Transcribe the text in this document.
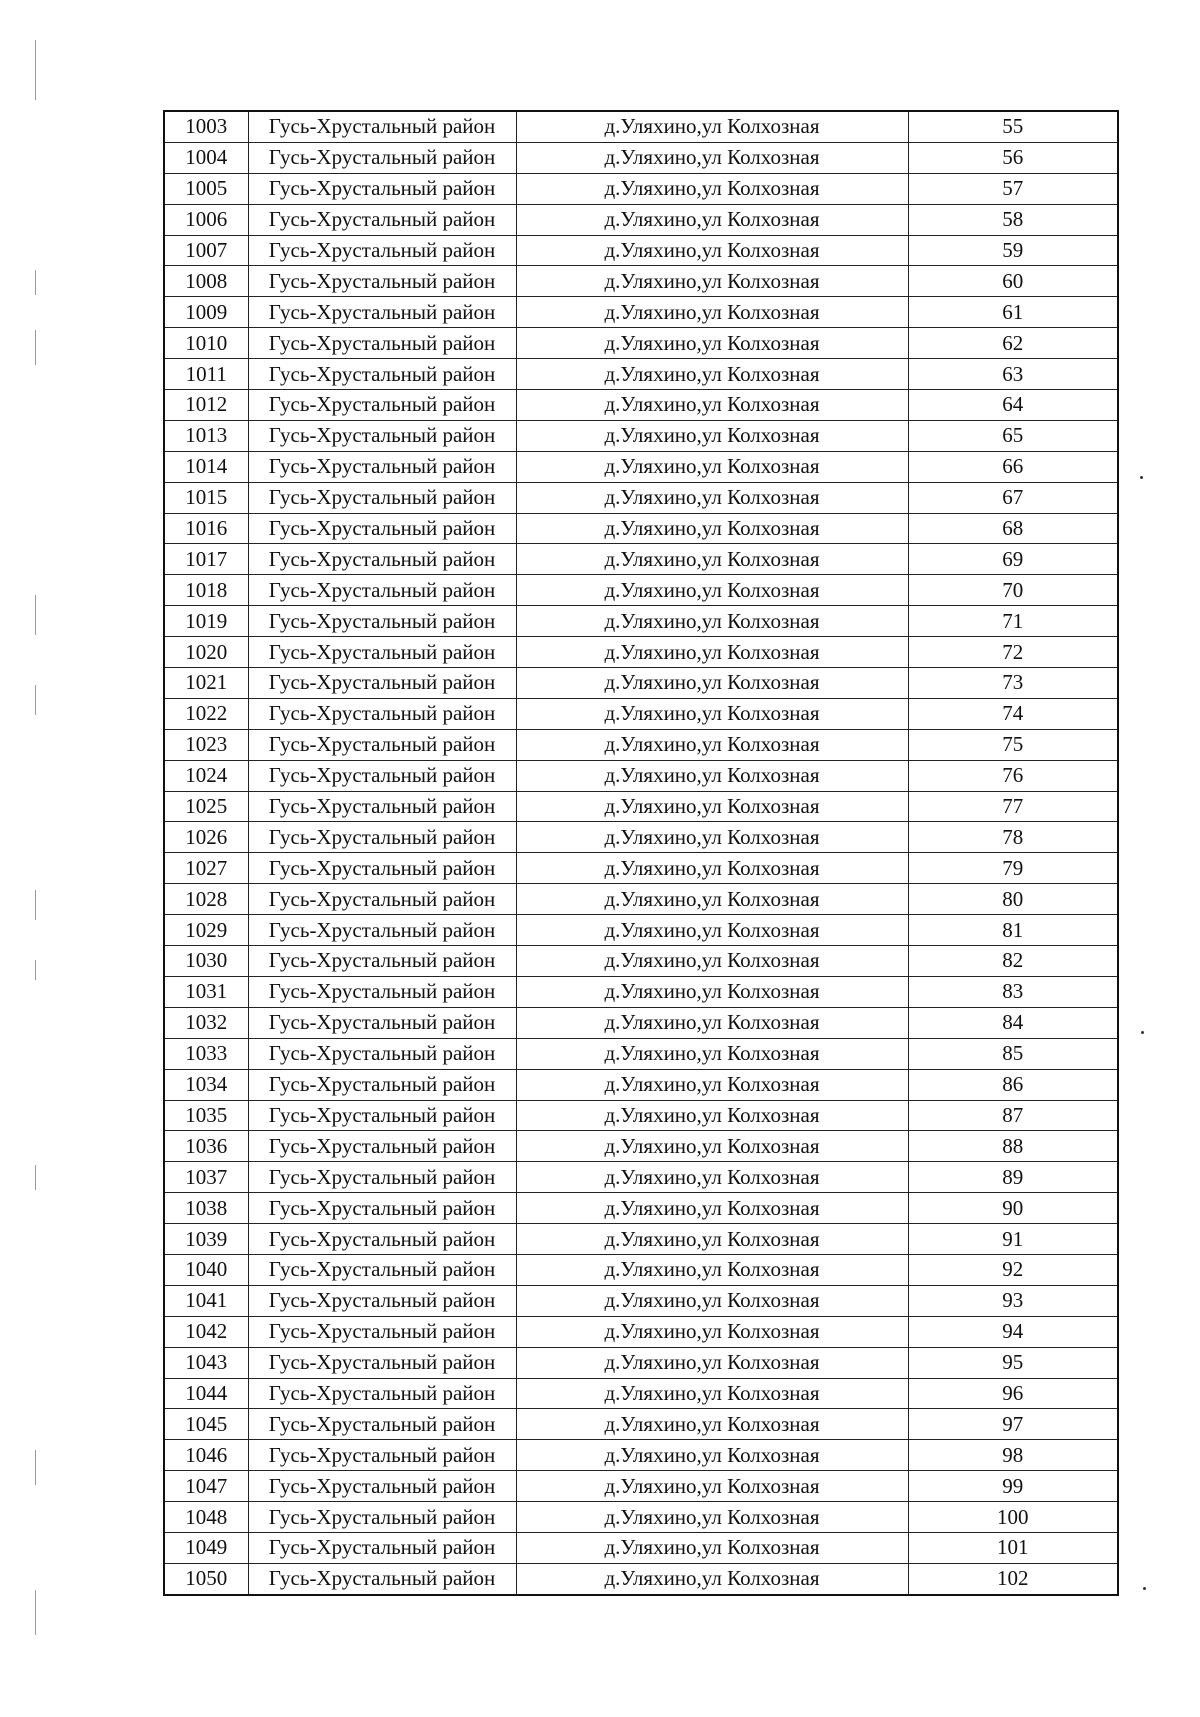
1003	Гусь-Хрустальный район	д.Уляхино,ул Колхозная	55
1004	Гусь-Хрустальный район	д.Уляхино,ул Колхозная	56
1005	Гусь-Хрустальный район	д.Уляхино,ул Колхозная	57
1006	Гусь-Хрустальный район	д.Уляхино,ул Колхозная	58
1007	Гусь-Хрустальный район	д.Уляхино,ул Колхозная	59
1008	Гусь-Хрустальный район	д.Уляхино,ул Колхозная	60
1009	Гусь-Хрустальный район	д.Уляхино,ул Колхозная	61
1010	Гусь-Хрустальный район	д.Уляхино,ул Колхозная	62
1011	Гусь-Хрустальный район	д.Уляхино,ул Колхозная	63
1012	Гусь-Хрустальный район	д.Уляхино,ул Колхозная	64
1013	Гусь-Хрустальный район	д.Уляхино,ул Колхозная	65
1014	Гусь-Хрустальный район	д.Уляхино,ул Колхозная	66
1015	Гусь-Хрустальный район	д.Уляхино,ул Колхозная	67
1016	Гусь-Хрустальный район	д.Уляхино,ул Колхозная	68
1017	Гусь-Хрустальный район	д.Уляхино,ул Колхозная	69
1018	Гусь-Хрустальный район	д.Уляхино,ул Колхозная	70
1019	Гусь-Хрустальный район	д.Уляхино,ул Колхозная	71
1020	Гусь-Хрустальный район	д.Уляхино,ул Колхозная	72
1021	Гусь-Хрустальный район	д.Уляхино,ул Колхозная	73
1022	Гусь-Хрустальный район	д.Уляхино,ул Колхозная	74
1023	Гусь-Хрустальный район	д.Уляхино,ул Колхозная	75
1024	Гусь-Хрустальный район	д.Уляхино,ул Колхозная	76
1025	Гусь-Хрустальный район	д.Уляхино,ул Колхозная	77
1026	Гусь-Хрустальный район	д.Уляхино,ул Колхозная	78
1027	Гусь-Хрустальный район	д.Уляхино,ул Колхозная	79
1028	Гусь-Хрустальный район	д.Уляхино,ул Колхозная	80
1029	Гусь-Хрустальный район	д.Уляхино,ул Колхозная	81
1030	Гусь-Хрустальный район	д.Уляхино,ул Колхозная	82
1031	Гусь-Хрустальный район	д.Уляхино,ул Колхозная	83
1032	Гусь-Хрустальный район	д.Уляхино,ул Колхозная	84
1033	Гусь-Хрустальный район	д.Уляхино,ул Колхозная	85
1034	Гусь-Хрустальный район	д.Уляхино,ул Колхозная	86
1035	Гусь-Хрустальный район	д.Уляхино,ул Колхозная	87
1036	Гусь-Хрустальный район	д.Уляхино,ул Колхозная	88
1037	Гусь-Хрустальный район	д.Уляхино,ул Колхозная	89
1038	Гусь-Хрустальный район	д.Уляхино,ул Колхозная	90
1039	Гусь-Хрустальный район	д.Уляхино,ул Колхозная	91
1040	Гусь-Хрустальный район	д.Уляхино,ул Колхозная	92
1041	Гусь-Хрустальный район	д.Уляхино,ул Колхозная	93
1042	Гусь-Хрустальный район	д.Уляхино,ул Колхозная	94
1043	Гусь-Хрустальный район	д.Уляхино,ул Колхозная	95
1044	Гусь-Хрустальный район	д.Уляхино,ул Колхозная	96
1045	Гусь-Хрустальный район	д.Уляхино,ул Колхозная	97
1046	Гусь-Хрустальный район	д.Уляхино,ул Колхозная	98
1047	Гусь-Хрустальный район	д.Уляхино,ул Колхозная	99
1048	Гусь-Хрустальный район	д.Уляхино,ул Колхозная	100
1049	Гусь-Хрустальный район	д.Уляхино,ул Колхозная	101
1050	Гусь-Хрустальный район	д.Уляхино,ул Колхозная	102
